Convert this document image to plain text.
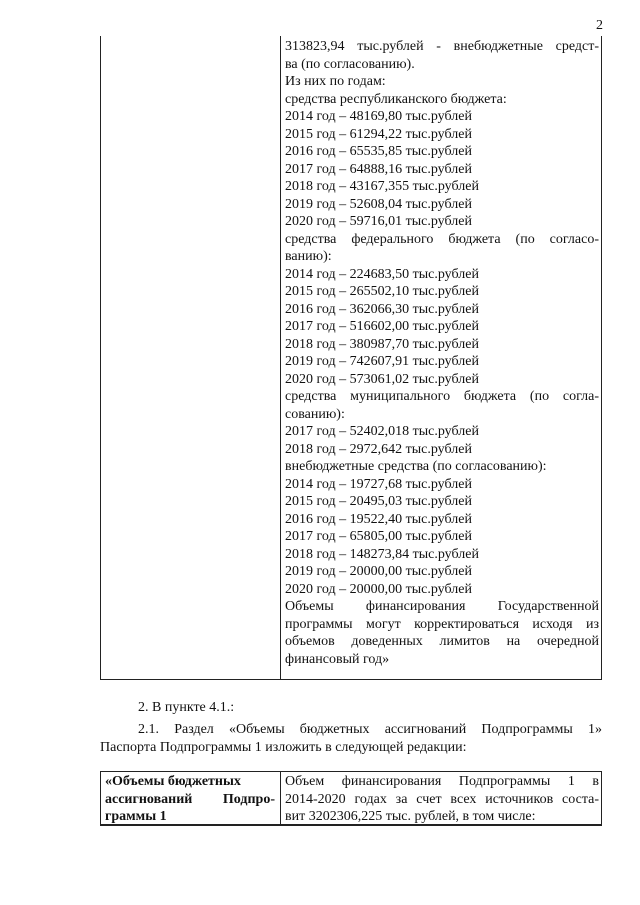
2
313823,94 тыс.рублей - внебюджетные средст-
ва (по согласованию).
Из них по годам:
средства республиканского бюджета:
2014 год – 48169,80 тыс.рублей
2015 год – 61294,22 тыс.рублей
2016 год – 65535,85 тыс.рублей
2017 год – 64888,16 тыс.рублей
2018 год – 43167,355 тыс.рублей
2019 год – 52608,04 тыс.рублей
2020 год – 59716,01 тыс.рублей
средства федерального бюджета (по согласо-
ванию):
2014 год – 224683,50 тыс.рублей
2015 год – 265502,10 тыс.рублей
2016 год – 362066,30 тыс.рублей
2017 год – 516602,00 тыс.рублей
2018 год – 380987,70 тыс.рублей
2019 год – 742607,91 тыс.рублей
2020 год – 573061,02 тыс.рублей
средства муниципального бюджета (по согла-
сованию):
2017 год – 52402,018 тыс.рублей
2018 год – 2972,642 тыс.рублей
внебюджетные средства (по согласованию):
2014 год – 19727,68 тыс.рублей
2015 год – 20495,03 тыс.рублей
2016 год – 19522,40 тыс.рублей
2017 год – 65805,00 тыс.рублей
2018 год – 148273,84 тыс.рублей
2019 год – 20000,00 тыс.рублей
2020 год – 20000,00 тыс.рублей
Объемы финансирования Государственной
программы могут корректироваться исходя из
объемов доведенных лимитов на очередной
финансовый год»
2. В пункте 4.1.:
2.1. Раздел «Объемы бюджетных ассигнований Подпрограммы 1»
Паспорта Подпрограммы 1 изложить в следующей редакции:
«Объемы бюджетных
ассигнований Подпро-
граммы 1
Объем финансирования Подпрограммы 1 в
2014-2020 годах за счет всех источников соста-
вит 3202306,225 тыс. рублей, в том числе:
